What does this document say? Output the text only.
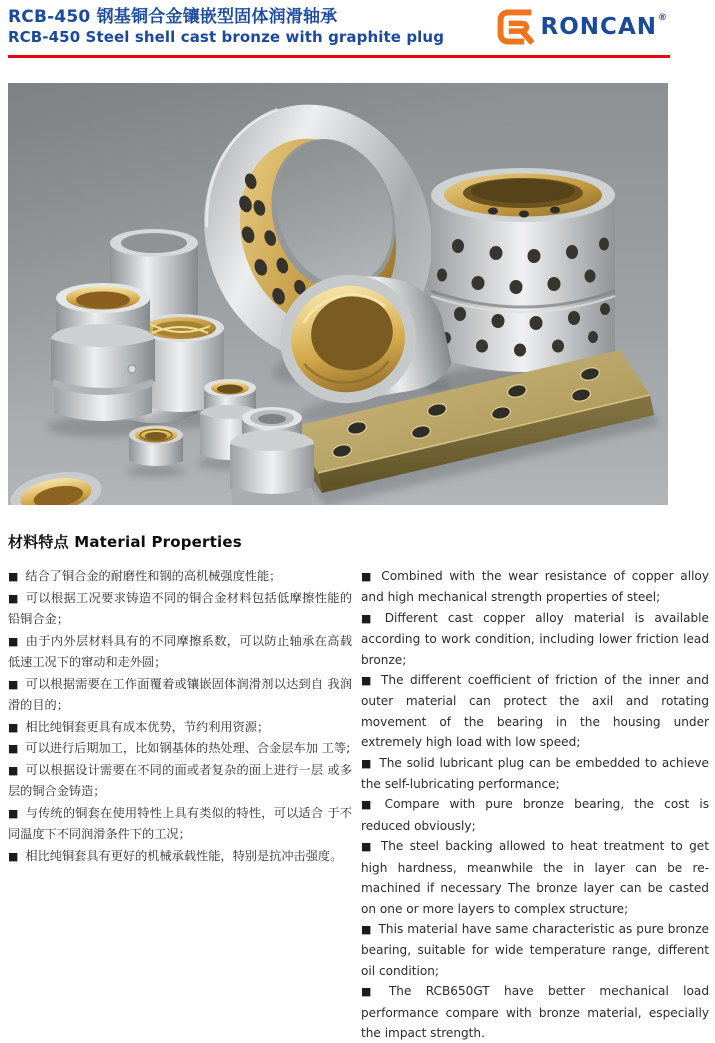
RCB-450 钢基铜合金镶嵌型固体润滑轴承
RCB-450 Steel shell cast bronze with graphite plug	RONCAN ®
材料特点 Material Properties
■ 结合了铜合金的耐磨性和钢的高机械强度性能；
■ 可以根据工况要求铸造不同的铜合金材料包括低摩擦性能的铅铜合金；
■ 由于内外层材料具有的不同摩擦系数，可以防止轴承在高载低速工况下的窜动和走外圆；
■ 可以根据需要在工作面覆着或镶嵌固体润滑剂以达到自 我润滑的目的；
■ 相比纯铜套更具有成本优势，节约利用资源；
■ 可以进行后期加工，比如钢基体的热处理、合金层车加 工等;
■ 可以根据设计需要在不同的面或者复杂的面上进行一层 或多层的铜合金铸造；
■ 与传统的铜套在使用特性上具有类似的特性，可以适合 于不同温度下不同润滑条件下的工况；
■ 相比纯铜套具有更好的机械承载性能，特别是抗冲击强度。
■ Combined with the wear resistance of copper alloy and high mechanical strength properties of steel;
■ Different cast copper alloy material is available according to work condition, including lower friction lead bronze;
■ The different coefficient of friction of the inner and outer material can protect the axil and rotating movement of the bearing in the housing under extremely high load with low speed;
■ The solid lubricant plug can be embedded to achieve the self-lubricating performance;
■ Compare with pure bronze bearing, the cost is reduced obviously;
■ The steel backing allowed to heat treatment to get high hardness, meanwhile the in layer can be re-machined if necessary The bronze layer can be casted on one or more layers to complex structure;
■ This material have same characteristic as pure bronze bearing, suitable for wide temperature range, different oil condition;
■ The RCB650GT have better mechanical load performance compare with bronze material, especially the impact strength.
